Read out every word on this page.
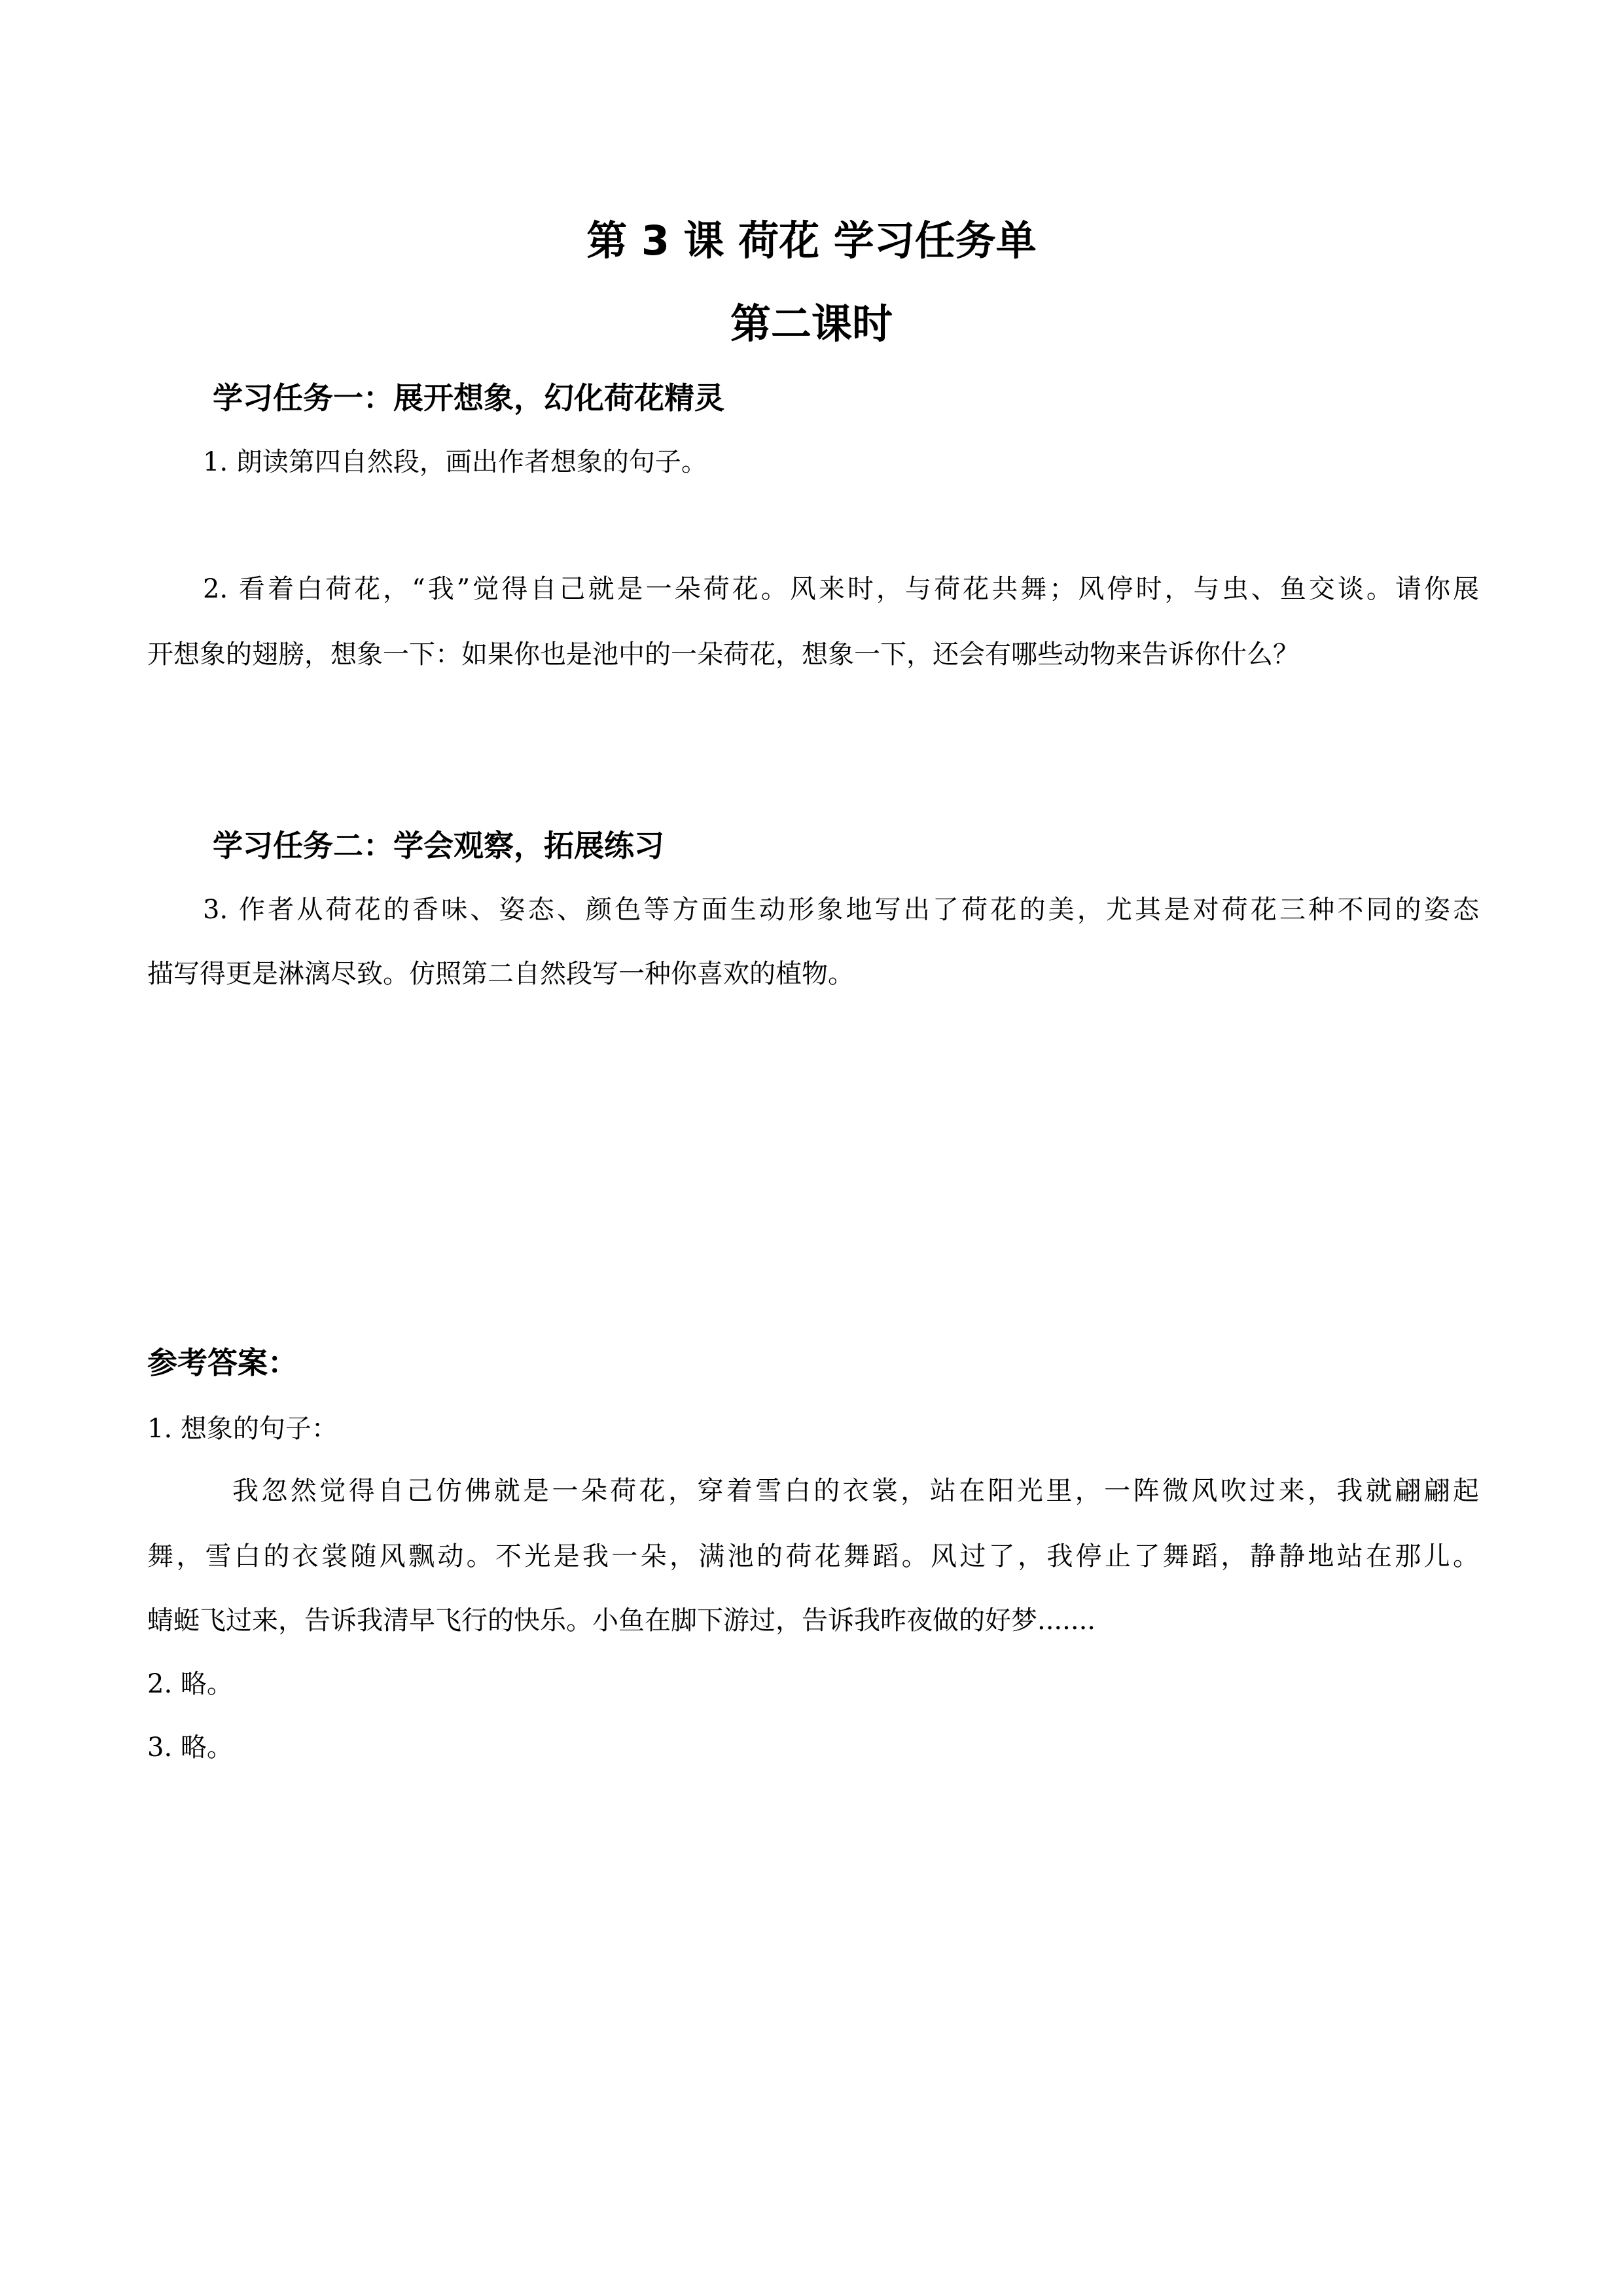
第 3 课 荷花 学习任务单
第二课时
学习任务一：展开想象，幻化荷花精灵
1. 朗读第四自然段，画出作者想象的句子。
2. 看着白荷花，“我”觉得自己就是一朵荷花。风来时，与荷花共舞；风停时，与虫、鱼交谈。请你展
开想象的翅膀，想象一下：如果你也是池中的一朵荷花，想象一下，还会有哪些动物来告诉你什么？
学习任务二：学会观察，拓展练习
3. 作者从荷花的香味、姿态、颜色等方面生动形象地写出了荷花的美，尤其是对荷花三种不同的姿态
描写得更是淋漓尽致。仿照第二自然段写一种你喜欢的植物。
参考答案：
1. 想象的句子：
我忽然觉得自己仿佛就是一朵荷花，穿着雪白的衣裳，站在阳光里，一阵微风吹过来，我就翩翩起
舞，雪白的衣裳随风飘动。不光是我一朵，满池的荷花舞蹈。风过了，我停止了舞蹈，静静地站在那儿。
蜻蜓飞过来，告诉我清早飞行的快乐。小鱼在脚下游过，告诉我昨夜做的好梦.......
2. 略。
3. 略。
